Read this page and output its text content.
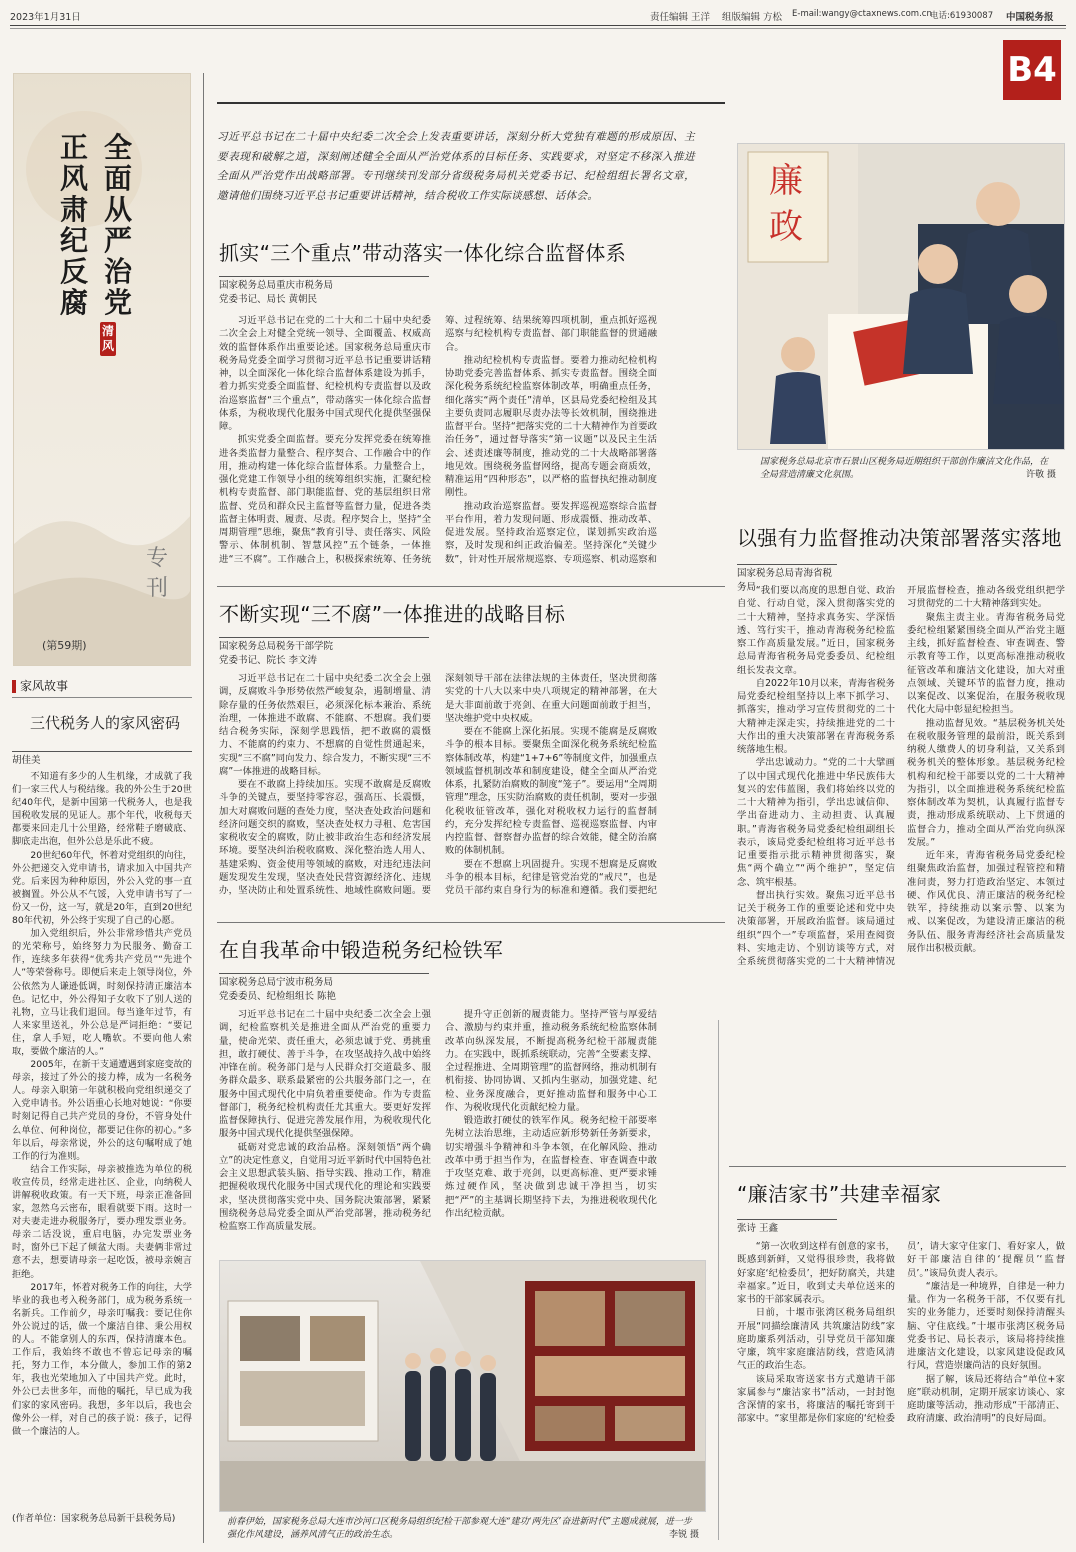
2023年1月31日	责任编辑 王洋 组版编辑 方松 E-mail:wangy@ctaxnews.com.cn
电话:61930087 中国税务报
B4
全面从严治党
正风肃纪反腐
清风
专刊
(第59期)
家风故事
三代税务人的家风密码
胡佳美

不知道有多少的人生机缘，才成就了我们一家三代人与税结缘。我的外公生于20世纪40年代，是新中国第一代税务人，也是我国税收发展的见证人。那个年代，收税每天都要来回走几十公里路，经常鞋子磨破底、脚底走出泡，但外公总是乐此不疲。

20世纪60年代，怀着对党组织的向往，外公把递交入党申请书，请求加入中国共产党。后来因为种种原因，外公入党的事一直被搁置。外公从不气馁，入党申请书写了一份又一份，这一写，就是20年，直到20世纪80年代初，外公终于实现了自己的心愿。

加入党组织后，外公非常珍惜共产党员的光荣称号，始终努力为民服务、勤奋工作，连续多年获得“优秀共产党员”“先进个人”等荣誉称号。即便后来走上领导岗位，外公依然为人谦逊低调，时刻保持清正廉洁本色。记忆中，外公得知子女收下了别人送的礼物，立马让我们退回。每当逢年过节，有人来家里送礼，外公总是严词拒绝：“要记住，拿人手短，吃人嘴软。不要向他人索取，要做个廉洁的人。”

2005年，在新干支通遭遇到家庭变故的母亲，接过了外公的接力棒，成为一名税务人。母亲入职第一年就积极向党组织递交了入党申请书。外公语重心长地对她说：“你要时刻记得自己共产党员的身份，不管身处什么单位、何种岗位，都要记住你的初心。”多年以后，母亲常说，外公的这句嘱咐成了她工作的行为准则。

结合工作实际，母亲被推选为单位的税收宣传员，经常走进社区、企业，向纳税人讲解税收政策。有一天下班，母亲正准备回家，忽然乌云密布，眼看就要下雨。这时一对夫妻走进办税服务厅，要办理发票业务。母亲二话没说，重启电脑，办完发票业务时，窗外已下起了倾盆大雨。夫妻俩非常过意不去，想要请母亲一起吃饭，被母亲婉言拒绝。

2017年，怀着对税务工作的向往，大学毕业的我也考入税务部门，成为税务系统一名新兵。工作前夕，母亲叮嘱我：要记住你外公说过的话，做一个廉洁自律、秉公用权的人。不能拿别人的东西，保持清廉本色。工作后，我始终不敢也不曾忘记母亲的嘱托，努力工作，本分做人，参加工作的第2年，我也光荣地加入了中国共产党。此时，外公已去世多年，而他的嘱托，早已成为我们家的家风密码。我想，多年以后，我也会像外公一样，对自己的孩子说：孩子，记得做一个廉洁的人。

(作者单位：国家税务总局新干县税务局)
习近平总书记在二十届中央纪委二次全会上发表重要讲话，深刻分析大党独有难题的形成原因、主要表现和破解之道，深刻阐述健全全面从严治党体系的目标任务、实践要求，对坚定不移深入推进全面从严治党作出战略部署。专刊继续刊发部分省级税务局机关党委书记、纪检组组长署名文章，邀请他们围绕习近平总书记重要讲话精神，结合税收工作实际谈感想、话体会。
抓实“三个重点”带动落实一体化综合监督体系
国家税务总局重庆市税务局
党委书记、局长 黄朝民

习近平总书记在党的二十大和二十届中央纪委二次全会上对健全党统一领导、全面覆盖、权威高效的监督体系作出重要论述。国家税务总局重庆市税务局党委全面学习贯彻习近平总书记重要讲话精神，以全面深化一体化综合监督体系建设为抓手，着力抓实党委全面监督、纪检机构专责监督以及政治巡察监督“三个重点”，带动落实一体化综合监督体系，为税收现代化服务中国式现代化提供坚强保障。

抓实党委全面监督。要充分发挥党委在统筹推进各类监督力量整合、程序契合、工作融合中的作用，推动构建一体化综合监督体系。力量整合上，强化党建工作领导小组的统筹组织实施，汇聚纪检机构专责监督、部门职能监督、党的基层组织日常监督、党员和群众民主监督等监督力量，促进各类监督主体明责、履责、尽责。程序契合上，坚持“全周期管理”思维，聚焦“教育引导、责任落实、风险警示、体制机制、智慧风控”五个链条，一体推进“三不腐”。工作融合上，积极探索统筹、任务统筹、过程统筹、结果统筹四项机制，重点抓好巡视巡察与纪检机构专责监督、部门职能监督的贯通融合。

推动纪检机构专责监督。要着力推动纪检机构协助党委完善监督体系、抓实专责监督。围绕全面深化税务系统纪检监察体制改革，明确重点任务，细化落实“两个责任”清单，区县局党委纪检组及其主要负责同志履职尽责办法等长效机制，围绕推进监督平台。坚持“把落实党的二十大精神作为首要政治任务”，通过督导落实“第一议题”以及民主生活会、述责述廉等制度，推动党的二十大战略部署落地见效。围绕税务监督网络，提高专题会商质效，精准运用“四种形态”，以严格的监督执纪推动制度刚性。

推动政治巡察监督。要发挥巡视巡察综合监督平台作用，着力发现问题、形成震慑、推动改革、促进发展。坚持政治巡察定位，谋划抓实政治巡察，及时发现和纠正政治偏差。坚持深化“关键少数”，针对性开展常规巡察、专项巡察、机动巡察和

不断实现“三不腐”一体推进的战略目标
国家税务总局税务干部学院
党委书记、院长 李文涛

习近平总书记在二十届中央纪委二次全会上强调，反腐败斗争形势依然严峻复杂，遏制增量、清除存量的任务依然艰巨，必须深化标本兼治、系统治理，一体推进不敢腐、不能腐、不想腐。我们要结合税务实际，深刻学思践悟，把不敢腐的震慑力、不能腐的约束力、不想腐的自觉性贯通起来，实现“三不腐”同向发力、综合发力，不断实现“三不腐”一体推进的战略目标。

要在不敢腐上持续加压。实现不敢腐是反腐败斗争的关键点，要坚持零容忍，强高压、长震慑，加大对腐败问题的查处力度，坚决查处政治问题和经济问题交织的腐败，坚决查处权力寻租、危害国家税收安全的腐败，防止被非政治生态和经济发展环境。要坚决纠治税收腐败、深化整治选人用人、基建采购、资金使用等领域的腐败，对违纪违法问题发现发生发现，坚决查处民营资源经济化、违规办，坚决防止和处置系统性、地域性腐败问题。要深刻领导干部在法律法规的主体责任，坚决贯彻落实党的十八大以来中央八项规定的精神部署，在大是大非面前敢于亮剑、在重大问题面前敢于担当，坚决维护党中央权威。

要在不能腐上深化拓展。实现不能腐是反腐败斗争的根本目标。要聚焦全面深化税务系统纪检监察体制改革，构建“1+7+6”等制度文件，加强重点领域监督机制改革和制度建设，健全全面从严治党体系，扎紧防治腐败的制度“笼子”。要运用“全周期管理”理念，压实防治腐败的责任机制，要对一步强化税收征管改革，强化对税收权力运行的监督制约，充分发挥纪检专责监督、巡视巡察监督、内审内控监督、督察督办监督的综合效能，健全防治腐败的体制机制。

要在不想腐上巩固提升。实现不想腐是反腐败斗争的根本目标，纪律是管党治党的“戒尺”，也是党员干部约束自身行为的标准和遵循。我们要把纪

在自我革命中锻造税务纪检铁军
国家税务总局宁波市税务局
党委委员、纪检组组长 陈艳

习近平总书记在二十届中央纪委二次全会上强调，纪检监察机关是推进全面从严治党的重要力量，使命光荣、责任重大，必须忠诚于党、勇挑重担，敢打硬仗、善于斗争，在攻坚战持久战中始终冲锋在前。税务部门是与人民群众打交道最多、服务群众最多、联系最紧密的公共服务部门之一，在服务中国式现代化中肩负着重要使命。作为专责监督部门，税务纪检机构责任尤其重大。要更好发挥监督保障执行、促进完善发展作用，为税收现代化服务中国式现代化提供坚强保障。

砥砺对党忠诚的政治品格。深刻领悟“两个确立”的决定性意义，自觉用习近平新时代中国特色社会主义思想武装头脑、指导实践、推动工作，精准把握税收现代化服务中国式现代化的理论和实践要求，坚决贯彻落实党中央、国务院决策部署，紧紧围绕税务总局党委全面从严治党部署，推动税务纪检监察工作高质量发展。

提升守正创新的履责能力。坚持严管与厚爱结合、激励与约束并重，推动税务系统纪检监察体制改革向纵深发展，不断提高税务纪检干部履责能力。在实践中，既抓系统联动，完善“全要素支撑、全过程推进、全周期管理”的监督网络，推动机制有机衔接、协同协调、又抓内生驱动，加强党建、纪检、业务深度融合，更好推动监督和服务中心工作、为税收现代化贡献纪检力量。

锻造敢打硬仗的铁军作风。税务纪检干部要率先树立法治思维，主动适应新形势新任务新要求，切实增强斗争精神和斗争本领，在化解风险、推动改革中勇于担当作为，在监督检查、审查调查中敢于攻坚克难、敢于亮剑，以更高标准、更严要求锤炼过硬作风，坚决做到忠诚干净担当，切实把“严”的主基调长期坚持下去，为推进税收现代化作出纪检贡献。

前春伊始，国家税务总局大连市沙河口区税务局组织纪检干部参观大连“建功‘两先区’奋进新时代”主题成就展，进一步强化作风建设，涵养风清气正的政治生态。	李锐 摄
廉政
国家税务总局北京市石景山区税务局近期组织干部创作廉洁文化作品，在全局营造清廉文化氛围。	许敬 摄
以强有力监督推动决策部署落实落地
国家税务总局青海省税务局 “我们要以高度的思想自觉、政治自觉、行动自觉，深入贯彻落实党的二十大精神，坚持求真务实、学深悟透、笃行实干，推动青海税务纪检监察工作高质量发展。”近日，国家税务总局青海省税务局党委委员、纪检组组长发表文章。

自2022年10月以来，青海省税务局党委纪检组坚持以上率下抓学习、抓落实，推动学习宣传贯彻党的二十大精神走深走实，持续推进党的二十大作出的重大决策部署在青海税务系统落地生根。

学出忠诚动力。“党的二十大擘画了以中国式现代化推进中华民族伟大复兴的宏伟蓝图，我们将始终以党的二十大精神为指引，学出忠诚信仰、学出奋进动力、主动担责、认真履职。”青海省税务局党委纪检组副组长表示，该局党委纪检组将习近平总书记重要指示批示精神贯彻落实，聚焦“两个确立”“两个维护”，坚定信念、筑牢根基。

督出执行实效。聚焦习近平总书记关于税务工作的重要论述和党中央决策部署，开展政治监督。该局通过组织“四个一”专项监督，采用查阅资料、实地走访、个别访谈等方式，对全系统贯彻落实党的二十大精神情况开展监督检查，推动各级党组织把学习贯彻党的二十大精神落到实处。

聚焦主责主业。青海省税务局党委纪检组紧紧围绕全面从严治党主题主线，抓好监督检查、审查调查、警示教育等工作，以更高标准推动税收征管改革和廉洁文化建设，加大对重点领域、关键环节的监督力度，推动以案促改、以案促治，在服务税收现代化大局中彰显纪检担当。

推动监督见效。“基层税务机关处在税收服务管理的最前沿，既关系到纳税人缴费人的切身利益，又关系到税务机关的整体形象。基层税务纪检机构和纪检干部要以党的二十大精神为指引，以全面推进税务系统纪检监察体制改革为契机，认真履行监督专责，推动形成系统联动、上下贯通的监督合力，推动全面从严治党向纵深发展。”

近年来，青海省税务局党委纪检组聚焦政治监督，加强过程管控和精准问责，努力打造政治坚定、本领过硬、作风优良、清正廉洁的税务纪检铁军，持续推动以案示警、以案为戒、以案促改，为建设清正廉洁的税务队伍、服务青海经济社会高质量发展作出积极贡献。

“廉洁家书”共建幸福家
张诗 王鑫

“第一次收到这样有创意的家书，既感到新鲜，又觉得很珍贵，我将做好家庭‘纪检委员’，把好防腐关，共建幸福家。”近日，收到丈夫单位送来的家书的干部家属表示。

日前，十堰市张湾区税务局组织开展“同描绘廉清风 共筑廉洁防线”家庭助廉系列活动，引导党员干部知廉守廉，筑牢家庭廉洁防线，营造风清气正的政治生态。

该局采取寄送家书方式邀请干部家属参与“廉洁家书”活动，一封封饱含深情的家书，将廉洁的嘱托寄到干部家中。“家里都是你们家庭的‘纪检委员’，请大家守住家门、看好家人，做好干部廉洁自律的‘提醒员’‘监督员’。”该局负责人表示。

“廉洁是一种境界，自律是一种力量。作为一名税务干部，不仅要有扎实的业务能力，还要时刻保持清醒头脑、守住底线。”十堰市张湾区税务局党委书记、局长表示，该局将持续推进廉洁文化建设，以家风建设促政风行风，营造崇廉尚洁的良好氛围。

据了解，该局还将结合“单位+家庭”联动机制，定期开展家访谈心、家庭助廉等活动，推动形成“干部清正、政府清廉、政治清明”的良好局面。
